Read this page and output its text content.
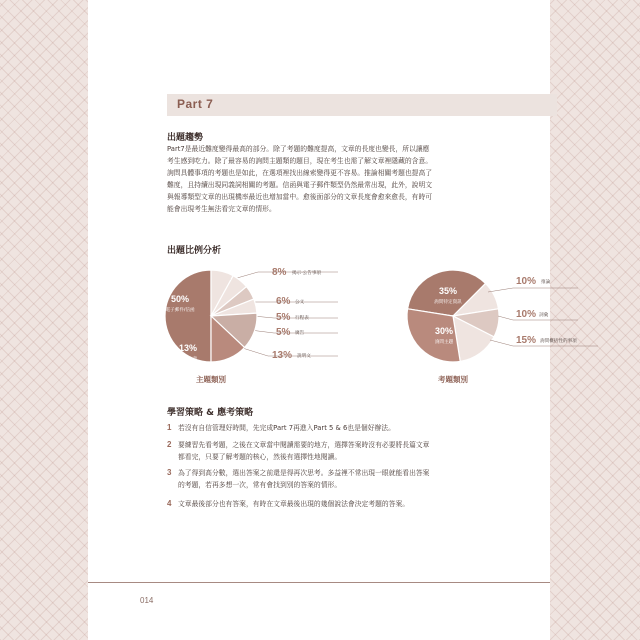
Part 7
出題趨勢
Part7是最近難度變得最高的部分。除了考題的難度提高，文章的長度也變長，所以讓應
考生感到吃力。除了最容易的詢問主題類的題目，現在考生也需了解文章裡隱藏的含意。
詢問具體事項的考題也是如此，在選項裡找出線索變得更不容易。推論相關考題也提高了
難度，且持續出現同義詞相關的考題。信函與電子郵件類型仍然最常出現，此外，說明文
與報導類型文章的出現機率最近也增加當中。愈後面部分的文章長度會愈來愈長，有時可
能會出現考生無法看完文章的情形。
出題比例分析
50%
電子郵件/信函
8% 揭示‧公告事項
6% 公文
5% 行程表
5% 廣告
13% 說明文
13%
報導文章
主題類別
35%
詢問特定資訊
10% 推論
10% 詞彙
15% 詢問概括性的事項
30%
詢問主題
考題類別
學習策略 & 應考策略
1 若沒有自信管理好時間，先完成Part 7再進入Part 5 & 6也是個好辦法。
2 要練習先看考題，之後在文章當中閱讀需要的地方，選擇答案時沒有必要將長篇文章
都看完，只要了解考題的核心，然後有選擇性地閱讀。
3 為了得到高分數，選出答案之前還是得再次思考。多益裡不常出現一眼就能看出答案
的考題，若再多想一次，常有會找到別的答案的情形。
4 文章最後部分也有答案，有時在文章最後出現的幾個說法會決定考題的答案。
014
